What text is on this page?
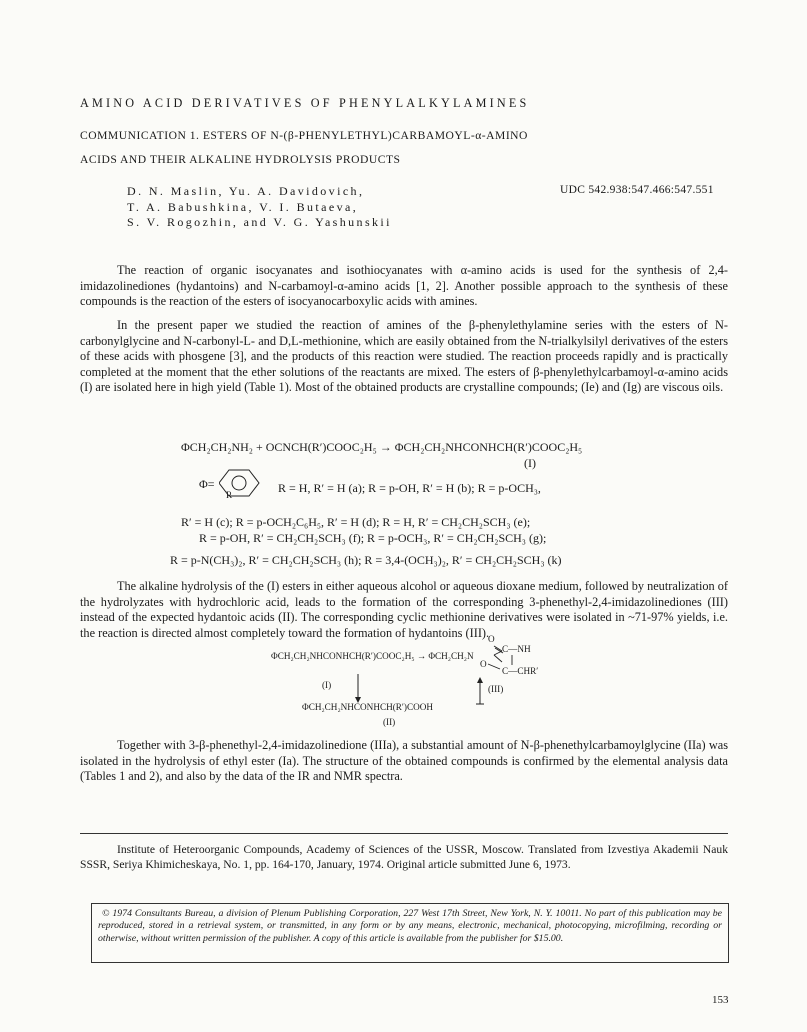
AMINO ACID DERIVATIVES OF PHENYLALKYLAMINES
COMMUNICATION 1. ESTERS OF N-(β-PHENYLETHYL)CARBAMOYL-α-AMINO
ACIDS AND THEIR ALKALINE HYDROLYSIS PRODUCTS
D. N. Maslin, Yu. A. Davidovich,
T. A. Babushkina, V. I. Butaeva,
S. V. Rogozhin, and V. G. Yashunskii
UDC 542.938:547.466:547.551

The reaction of organic isocyanates and isothiocyanates with α-amino acids is used for the synthesis of 2,4-imidazolinediones (hydantoins) and N-carbamoyl-α-amino acids [1, 2]. Another possible approach to the synthesis of these compounds is the reaction of the esters of isocyanocarboxylic acids with amines.

In the present paper we studied the reaction of amines of the β-phenylethylamine series with the esters of N-carbonylglycine and N-carbonyl-L- and D,L-methionine, which are easily obtained from the N-trialkylsilyl derivatives of the esters of these acids with phosgene [3], and the products of this reaction were studied. The reaction proceeds rapidly and is practically completed at the moment that the ether solutions of the reactants are mixed. The esters of β-phenylethylcarbamoyl-α-amino acids (I) are isolated here in high yield (Table 1). Most of the obtained products are crystalline compounds; (Ie) and (Ig) are viscous oils.

ΦCH₂CH₂NH₂ + OCNCH(R′)COOC₂H₅ → ΦCH₂CH₂NHCONHCH(R′)COOC₂H₅
(I)
Φ=
R	R = H, R′ = H (a); R = p-OH, R′ = H (b); R = p-OCH₃,
R′ = H (c); R = p-OCH₂C₆H₅, R′ = H (d); R = H, R′ = CH₂CH₂SCH₃ (e);
R = p-OH, R′ = CH₂CH₂SCH₃ (f); R = p-OCH₃, R′ = CH₂CH₂SCH₃ (g);
R = p-N(CH₃)₂, R′ = CH₂CH₂SCH₃ (h); R = 3,4-(OCH₃)₂, R′ = CH₂CH₂SCH₃ (k)

The alkaline hydrolysis of the (I) esters in either aqueous alcohol or aqueous dioxane medium, followed by neutralization of the hydrolyzates with hydrochloric acid, leads to the formation of the corresponding 3-phenethyl-2,4-imidazolinediones (III) instead of the expected hydantoic acids (II). The corresponding cyclic methionine derivatives were isolated in ~71-97% yields, i.e. the reaction is directed almost completely toward the formation of hydantoins (III).

ΦCH₂CH₂NHCONHCH(R′)COOC₂H₅ → ΦCH₂CH₂N
O
C—NH
O
C—CHR′
(I)	(III)
ΦCH₂CH₂NHCONHCH(R′)COOH
(II)

Together with 3-β-phenethyl-2,4-imidazolinedione (IIIa), a substantial amount of N-β-phenethylcarbamoylglycine (IIa) was isolated in the hydrolysis of ethyl ester (Ia). The structure of the obtained compounds is confirmed by the elemental analysis data (Tables 1 and 2), and also by the data of the IR and NMR spectra.

Institute of Heteroorganic Compounds, Academy of Sciences of the USSR, Moscow. Translated from Izvestiya Akademii Nauk SSSR, Seriya Khimicheskaya, No. 1, pp. 164-170, January, 1974. Original article submitted June 6, 1973.

© 1974 Consultants Bureau, a division of Plenum Publishing Corporation, 227 West 17th Street, New York, N. Y. 10011. No part of this publication may be reproduced, stored in a retrieval system, or transmitted, in any form or by any means, electronic, mechanical, photocopying, microfilming, recording or otherwise, without written permission of the publisher. A copy of this article is available from the publisher for $15.00.

153
